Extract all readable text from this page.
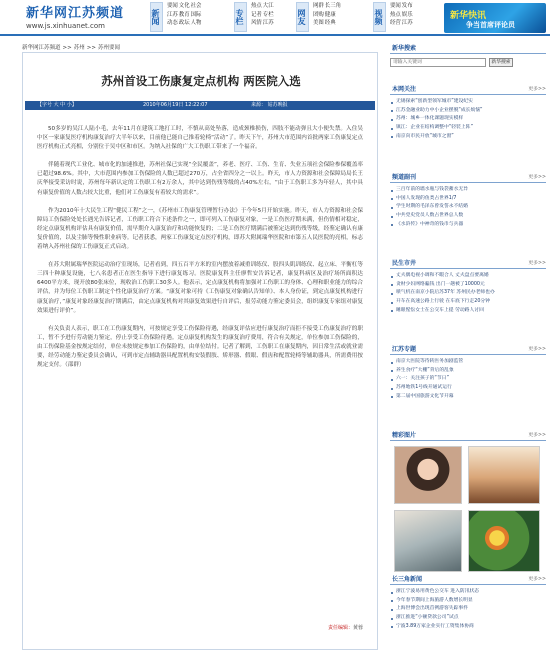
新华网江苏频道
www.js.xinhuanet.com
新闻
要闻文化社会
江苏教育国际
动态政坛人物	专栏
热点大江
记者专栏
风情江苏	网友
网群长三角
团购健康
美图经典	视频
要闻发布
热点娱乐
经营江苏
新华快讯
争当首席评论员
新华网江苏频道 >> 苏州 >> 苏州要闻
苏州首设工伤康复定点机构 两医院入选
【字号 大 中 小】	2010年06月19日 12:22:07	来源： 姑苏晚报

50多岁的吴江人陆小毛，去年11月在建筑工地打工时，不慎从高处坠落，造成颈椎损伤，四肢不能动弹且大小便失禁。入住吴中区一家康复医疗机构康复治疗大半年以来，目前他已能自己推着轮椅“活动”了。昨天下午，苏州大市范围内首批两家工伤康复定点医疗机构正式亮相，分别位于吴中区和市区。为纳入社保的广大工伤职工带来了一个福音。

伴随着现代工业化、城市化的加速推进，苏州社保已实现“全民覆盖”，养老、医疗、工伤、生育、失业五项社会保险参保覆盖率已超过98.6%。其中，大市范围内参加工伤保险的人数已超过270万，占全省四分之一以上。昨天，市人力资源和社会保障局局长王庆华接受采访时说，苏州每年新认定的工伤职工有2万余人，其中达到伤残等级的占40%左右，“由于工伤职工多为年轻人，其中具有康复价值的人数占较大比重，他们对工伤康复有着较大的需求”。

作为2010年十大民生工程“健民工程”之一，《苏州市工伤康复管理暂行办法》于今年5月开始实施。昨天，市人力资源和社会保障局工伤保险处处长遇光告诉记者，工伤职工符合下述条件之一，即可列入工伤康复对象，一是工伤医疗期未满，但伤情相对稳定，经定点康复机构评估具有康复价值，需早期介入康复治疗和功能恢复的；二是工伤医疗期满后被鉴定达到伤残等级，经鉴定确认有康复价值的，以及尘肺等慢性职业病等。记者获悉，两家工伤康复定点医疗机构，即苏大附属瑞华医院和市第五人民医院的亮相，标志着纳入苏州社保的工伤康复正式启动。

在苏大附属瑞华医院运动治疗室现场，记者看到，四五百平方米的室内摆放着减重训练仪、股四头肌训练仪、起立床、平衡杠等三四十种康复设施，七八名患者正在医生指导下进行康复练习。医院康复科主任廖哲安告诉记者，康复科病区及治疗场所面积达6400平方米，现开放80张床位，现收治工伤职工30多人。他表示，定点康复机构将加强对工伤职工的身体、心理和职业能力的综合评估，并为每位工伤职工制定个性化康复治疗方案。“康复对象可持《工伤康复对象确认告知单》、本人身份证，到定点康复机构进行康复治疗，”康复对象经康复治疗期满后，由定点康复机构对其康复效果进行自评后，报劳动能力鉴定委员会，组织康复专家组对康复效果进行评价”。

有关负责人表示，职工在工伤康复期内，可按规定享受工伤保险待遇，经康复评估应进行康复治疗而拒不接受工伤康复治疗的职工，暂不予进行劳动能力鉴定，停止享受工伤保险待遇。定点康复机构发生的康复治疗费用，符合有关规定，单位参加工伤保险的，由工伤保险基金按规定结付，单位未按规定参加工伤保险的，由单位结付。记者了解到，工伤职工在康复期内，因日常生活或就业需要，经劳动能力鉴定委员会确认，可到市定点辅助器具配置机构安装假肢、矫形器、假眼、假齿和配置轮椅等辅助器具，所需费用按规定支付。（邵群）

责任编辑：黄蓉
新华搜索
请输入关键词	新华搜索
本网关注	更多>>
无锡探索“创新型领军城市”建设纪实
江苏金融业助力中小企业摆脱“成长烦恼”
苏州：城乡一体化课题现实模样
镇江：企业在结构调整中“轻装上阵”
南京向市民开放“城市之窗”
频道副刊	更多>>
三百年前的墙水瓶与钱袋蓄水无异
中国人发现的鱼类占世界1/7
学生时期的毛泽东曾发誓永不结婚
中共党史党员人数占世界总人数
《水浒传》中神奇的钱币与兵器
民生市井	更多>>
丈夫偶电视小调和不暇合人 丈夫盘点要离婚
贪财少妇网络骗钱 出门一趟被了10000元
喷气机在南京小院后苏37年 苏州民办老师也办
开车在高速公路上行驶 在车底下行走20分钟
睡眼惺忪女士在公交车上提 劳动路人讨回
江苏专题	更多>>
南京大医院等待转医务加剧监管
养生食疗“大棚”背后的乱象
六一：关注孩子的“节日”
苏州地铁1号线开通试运行
第二届中国旅游文化节开幕
精彩图片	更多>>
长三角新闻	更多>>
浙江宁波易用黄色公交车 进入防汛状态
今年春节期间上海旅游人数增长明显
上海世博会出现首例游客失踪事件
浙江推进“小额贷款公司”试点
宁波3.89万家企业实行工资集体协商
